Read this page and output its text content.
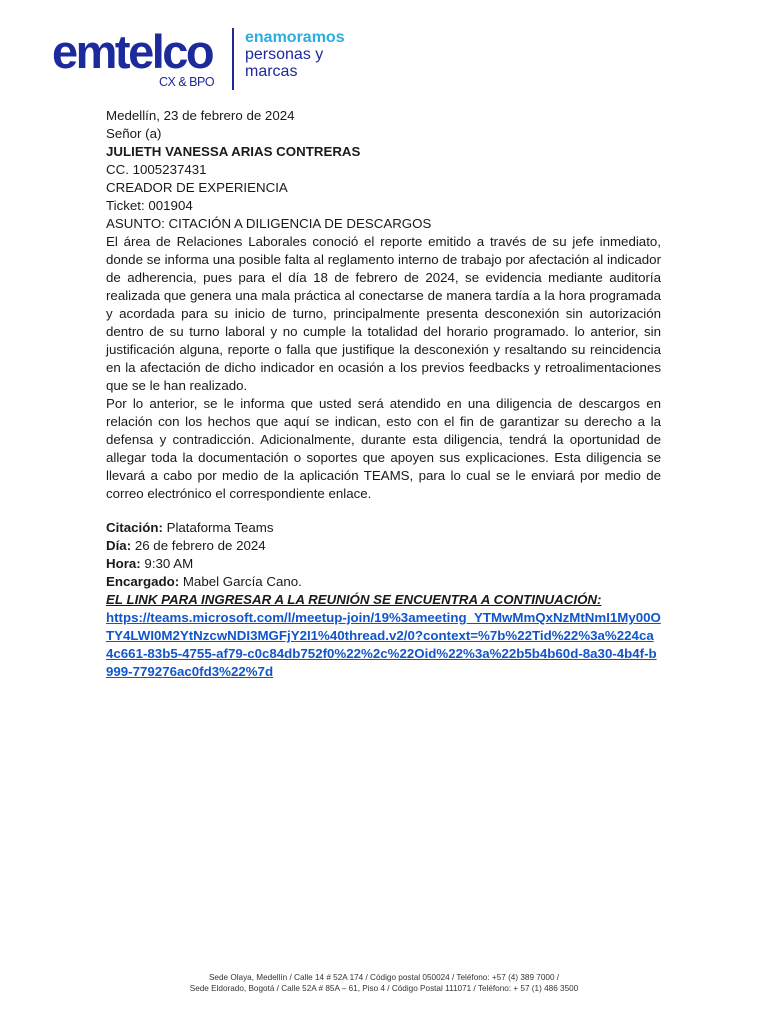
emtelco
CX & BPO
enamoramos
personas y
marcas

Medellín, 23 de febrero de 2024

Señor (a)

JULIETH VANESSA ARIAS CONTRERAS

CC. 1005237431

CREADOR DE EXPERIENCIA

Ticket: 001904

ASUNTO: CITACIÓN A DILIGENCIA DE DESCARGOS

El área de Relaciones Laborales conoció el reporte emitido a través de su jefe inmediato, donde se informa una posible falta al reglamento interno de trabajo por afectación al indicador de adherencia, pues para el día 18 de febrero de 2024, se evidencia mediante auditoría realizada que genera una mala práctica al conectarse de manera tardía a la hora programada y acordada para su inicio de turno, principalmente presenta desconexión sin autorización dentro de su turno laboral y no cumple la totalidad del horario programado. lo anterior, sin justificación alguna, reporte o falla que justifique la desconexión y resaltando su reincidencia en la afectación de dicho indicador en ocasión a los previos feedbacks y retroalimentaciones que se le han realizado.

Por lo anterior, se le informa que usted será atendido en una diligencia de descargos en relación con los hechos que aquí se indican, esto con el fin de garantizar su derecho a la defensa y contradicción. Adicionalmente, durante esta diligencia, tendrá la oportunidad de allegar toda la documentación o soportes que apoyen sus explicaciones. Esta diligencia se llevará a cabo por medio de la aplicación TEAMS, para lo cual se le enviará por medio de correo electrónico el correspondiente enlace.

Citación: Plataforma Teams

Día: 26 de febrero de 2024

Hora: 9:30 AM

Encargado: Mabel García Cano.

EL LINK PARA INGRESAR A LA REUNIÓN SE ENCUENTRA A CONTINUACIÓN:

https://teams.microsoft.com/l/meetup-join/19%3ameeting_YTMwMmQxNzMtNmI1My00OTY4LWI0M2YtNzcwNDI3MGFjY2I1%40thread.v2/0?context=%7b%22Tid%22%3a%224ca4c661-83b5-4755-af79-c0c84db752f0%22%2c%22Oid%22%3a%22b5b4b60d-8a30-4b4f-b999-779276ac0fd3%22%7d

Sede Olaya, Medellín / Calle 14 # 52A 174 / Código postal 050024 / Teléfono: +57 (4) 389 7000 /
Sede Eldorado, Bogotá / Calle 52A # 85A – 61, Piso 4 / Código Postal 111071 / Teléfono: + 57 (1) 486 3500
